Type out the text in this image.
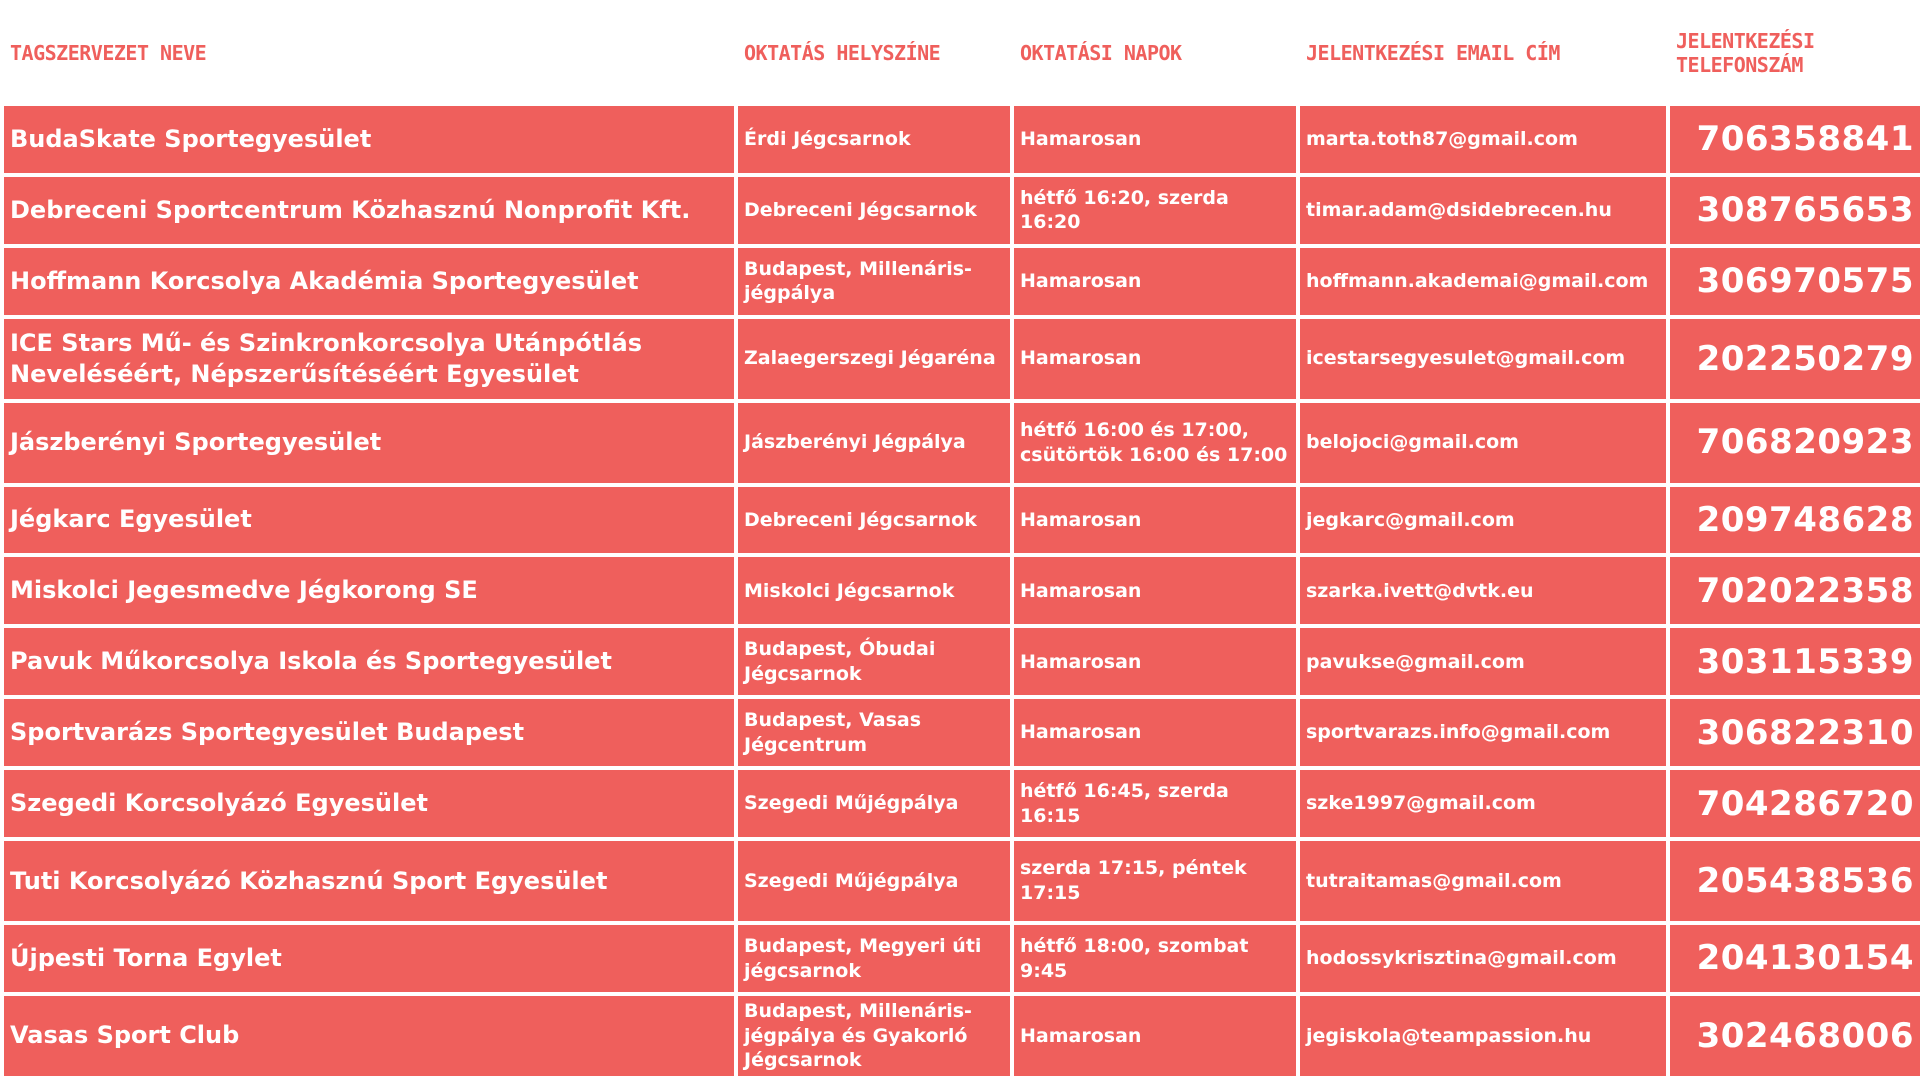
TAGSZERVEZET NEVE	OKTATÁS HELYSZÍNE	OKTATÁSI NAPOK	JELENTKEZÉSI EMAIL CÍM	JELENTKEZÉSI TELEFONSZÁM
BudaSkate Sportegyesület	Érdi Jégcsarnok	Hamarosan	marta.toth87@gmail.com	706358841
Debreceni Sportcentrum Közhasznú Nonprofit Kft.	Debreceni Jégcsarnok	hétfő 16:20, szerda 16:20	timar.adam@dsidebrecen.hu	308765653
Hoffmann Korcsolya Akadémia Sportegyesület	Budapest, Millenáris-jégpálya	Hamarosan	hoffmann.akademai@gmail.com	306970575
ICE Stars Mű- és Szinkronkorcsolya Utánpótlás Neveléséért, Népszerűsítéséért Egyesület	Zalaegerszegi Jégaréna	Hamarosan	icestarsegyesulet@gmail.com	202250279
Jászberényi Sportegyesület	Jászberényi Jégpálya	hétfő 16:00 és 17:00, csütörtök 16:00 és 17:00	belojoci@gmail.com	706820923
Jégkarc Egyesület	Debreceni Jégcsarnok	Hamarosan	jegkarc@gmail.com	209748628
Miskolci Jegesmedve Jégkorong SE	Miskolci Jégcsarnok	Hamarosan	szarka.ivett@dvtk.eu	702022358
Pavuk Műkorcsolya Iskola és Sportegyesület	Budapest, Óbudai Jégcsarnok	Hamarosan	pavukse@gmail.com	303115339
Sportvarázs Sportegyesület Budapest	Budapest, Vasas Jégcentrum	Hamarosan	sportvarazs.info@gmail.com	306822310
Szegedi Korcsolyázó Egyesület	Szegedi Műjégpálya	hétfő 16:45, szerda 16:15	szke1997@gmail.com	704286720
Tuti Korcsolyázó Közhasznú Sport Egyesület	Szegedi Műjégpálya	szerda 17:15, péntek 17:15	tutraitamas@gmail.com	205438536
Újpesti Torna Egylet	Budapest, Megyeri úti jégcsarnok	hétfő 18:00, szombat 9:45	hodossykrisztina@gmail.com	204130154
Vasas Sport Club	Budapest, Millenáris-jégpálya és Gyakorló Jégcsarnok	Hamarosan	jegiskola@teampassion.hu	302468006
